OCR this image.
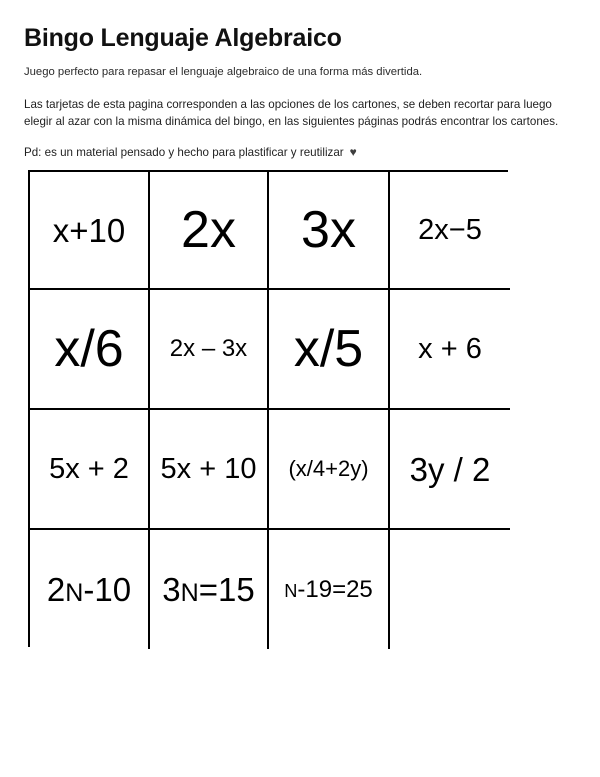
Bingo Lenguaje Algebraico

Juego perfecto para repasar el lenguaje algebraico de una forma más divertida.

Las tarjetas de esta pagina corresponden a las opciones de los cartones, se deben recortar para luego elegir al azar con la misma dinámica del bingo, en las siguientes páginas podrás encontrar los cartones.

Pd: es un material pensado y hecho para plastificar y reutilizar ♥

x+10 2x 3x 2x−5
x/6 2x – 3x x/5 x + 6
5x + 2 5x + 10 (x/4+2y) 3y / 2
2N-10 3N=15 N-19=25
